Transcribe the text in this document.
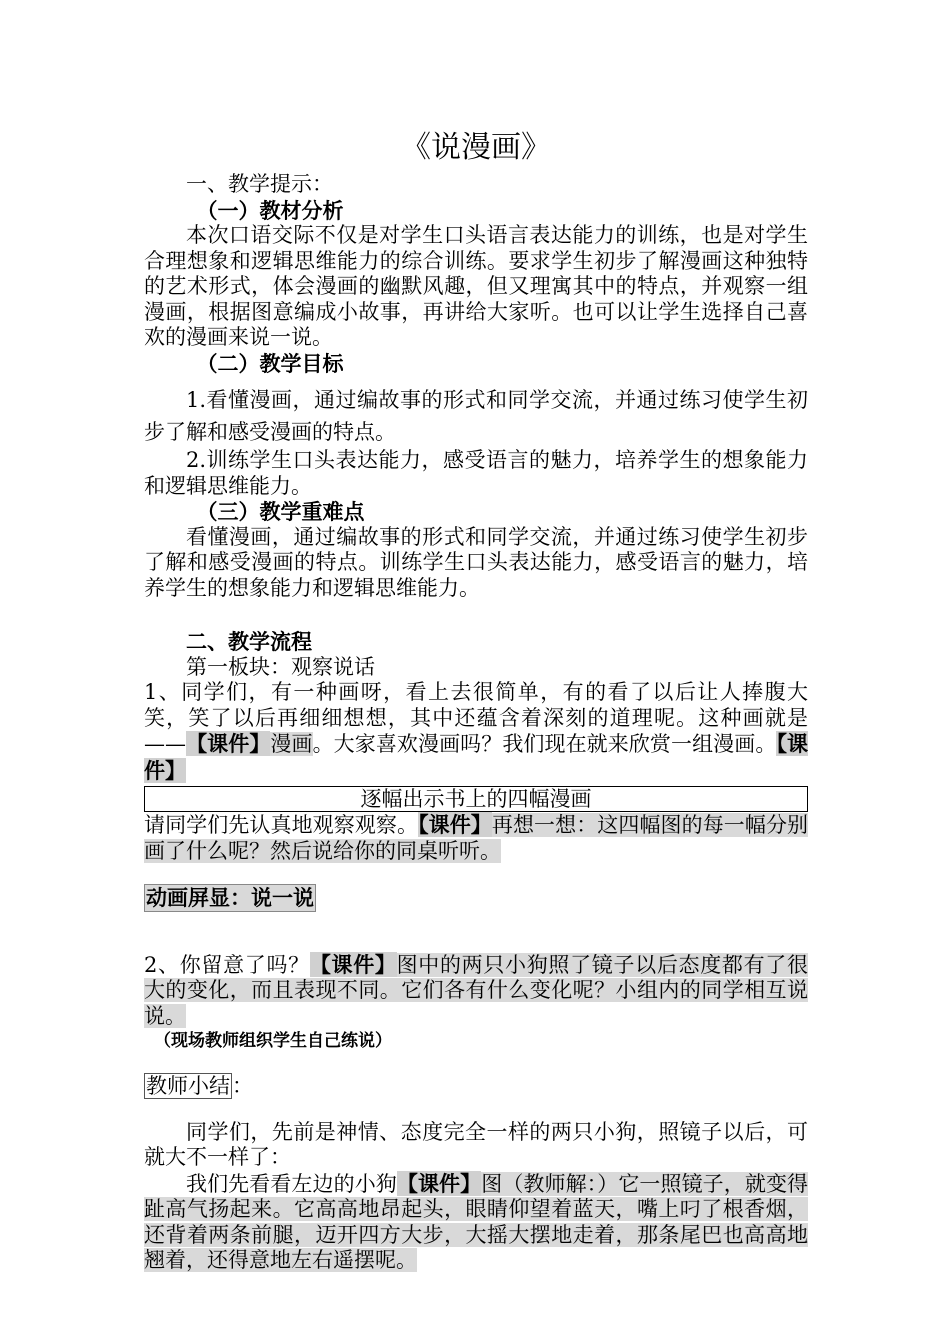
《说漫画》

一、教学提示：

（一）教材分析

本次口语交际不仅是对学生口头语言表达能力的训练，也是对学生合理想象和逻辑思维能力的综合训练。要求学生初步了解漫画这种独特的艺术形式，体会漫画的幽默风趣，但又理寓其中的特点，并观察一组漫画，根据图意编成小故事，再讲给大家听。也可以让学生选择自己喜欢的漫画来说一说。

（二）教学目标

1.看懂漫画，通过编故事的形式和同学交流，并通过练习使学生初步了解和感受漫画的特点。

2.训练学生口头表达能力，感受语言的魅力，培养学生的想象能力和逻辑思维能力。

（三）教学重难点

看懂漫画，通过编故事的形式和同学交流，并通过练习使学生初步了解和感受漫画的特点。训练学生口头表达能力，感受语言的魅力，培养学生的想象能力和逻辑思维能力。

二、教学流程

第一板块：观察说话

1、同学们，有一种画呀，看上去很简单，有的看了以后让人捧腹大笑，笑了以后再细细想想，其中还蕴含着深刻的道理呢。这种画就是——【课件】漫画。大家喜欢漫画吗？我们现在就来欣赏一组漫画。【课件】

逐幅出示书上的四幅漫画

请同学们先认真地观察观察。【课件】再想一想：这四幅图的每一幅分别画了什么呢？然后说给你的同桌听听。

动画屏显：说一说

2、你留意了吗？【课件】图中的两只小狗照了镜子以后态度都有了很大的变化，而且表现不同。它们各有什么变化呢？小组内的同学相互说说。

（现场教师组织学生自己练说）

教师小结：

同学们，先前是神情、态度完全一样的两只小狗，照镜子以后，可就大不一样了：

我们先看看左边的小狗【课件】图（教师解：）它一照镜子，就变得趾高气扬起来。它高高地昂起头，眼睛仰望着蓝天，嘴上叼了根香烟，还背着两条前腿，迈开四方大步，大摇大摆地走着，那条尾巴也高高地翘着，还得意地左右遥摆呢。
